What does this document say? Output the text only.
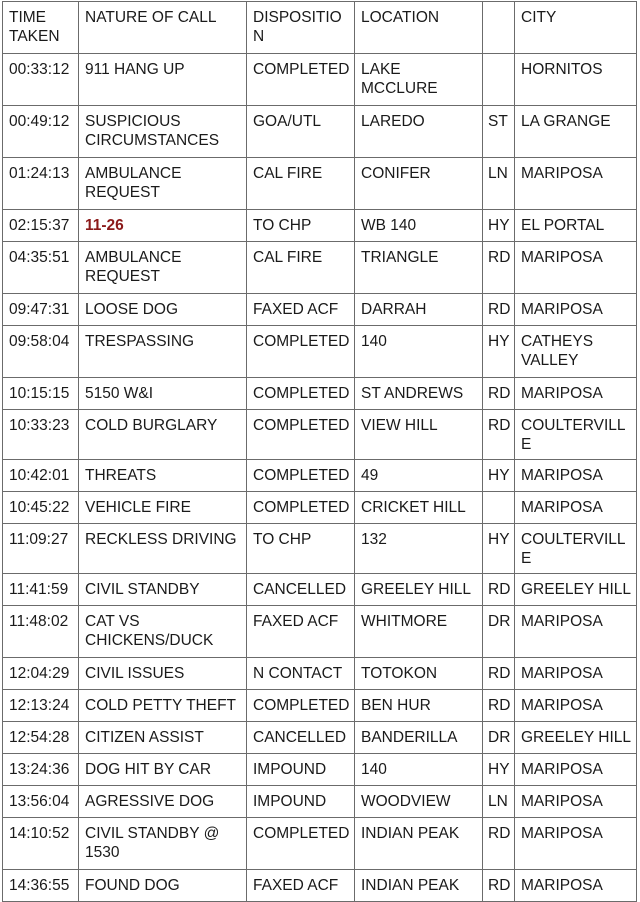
TIME TAKEN	NATURE OF CALL	DISPOSITION	LOCATION		CITY
00:33:12	911 HANG UP	COMPLETED	LAKE MCCLURE		HORNITOS
00:49:12	SUSPICIOUS CIRCUMSTANCES	GOA/UTL	LAREDO	ST	LA GRANGE
01:24:13	AMBULANCE REQUEST	CAL FIRE	CONIFER	LN	MARIPOSA
02:15:37	11-26	TO CHP	WB 140	HY	EL PORTAL
04:35:51	AMBULANCE REQUEST	CAL FIRE	TRIANGLE	RD	MARIPOSA
09:47:31	LOOSE DOG	FAXED ACF	DARRAH	RD	MARIPOSA
09:58:04	TRESPASSING	COMPLETED	140	HY	CATHEYS VALLEY
10:15:15	5150 W&I	COMPLETED	ST ANDREWS	RD	MARIPOSA
10:33:23	COLD BURGLARY	COMPLETED	VIEW HILL	RD	COULTERVILLE
10:42:01	THREATS	COMPLETED	49	HY	MARIPOSA
10:45:22	VEHICLE FIRE	COMPLETED	CRICKET HILL		MARIPOSA
11:09:27	RECKLESS DRIVING	TO CHP	132	HY	COULTERVILLE
11:41:59	CIVIL STANDBY	CANCELLED	GREELEY HILL	RD	GREELEY HILL
11:48:02	CAT VS CHICKENS/DUCK	FAXED ACF	WHITMORE	DR	MARIPOSA
12:04:29	CIVIL ISSUES	N CONTACT	TOTOKON	RD	MARIPOSA
12:13:24	COLD PETTY THEFT	COMPLETED	BEN HUR	RD	MARIPOSA
12:54:28	CITIZEN ASSIST	CANCELLED	BANDERILLA	DR	GREELEY HILL
13:24:36	DOG HIT BY CAR	IMPOUND	140	HY	MARIPOSA
13:56:04	AGRESSIVE DOG	IMPOUND	WOODVIEW	LN	MARIPOSA
14:10:52	CIVIL STANDBY @ 1530	COMPLETED	INDIAN PEAK	RD	MARIPOSA
14:36:55	FOUND DOG	FAXED ACF	INDIAN PEAK	RD	MARIPOSA
